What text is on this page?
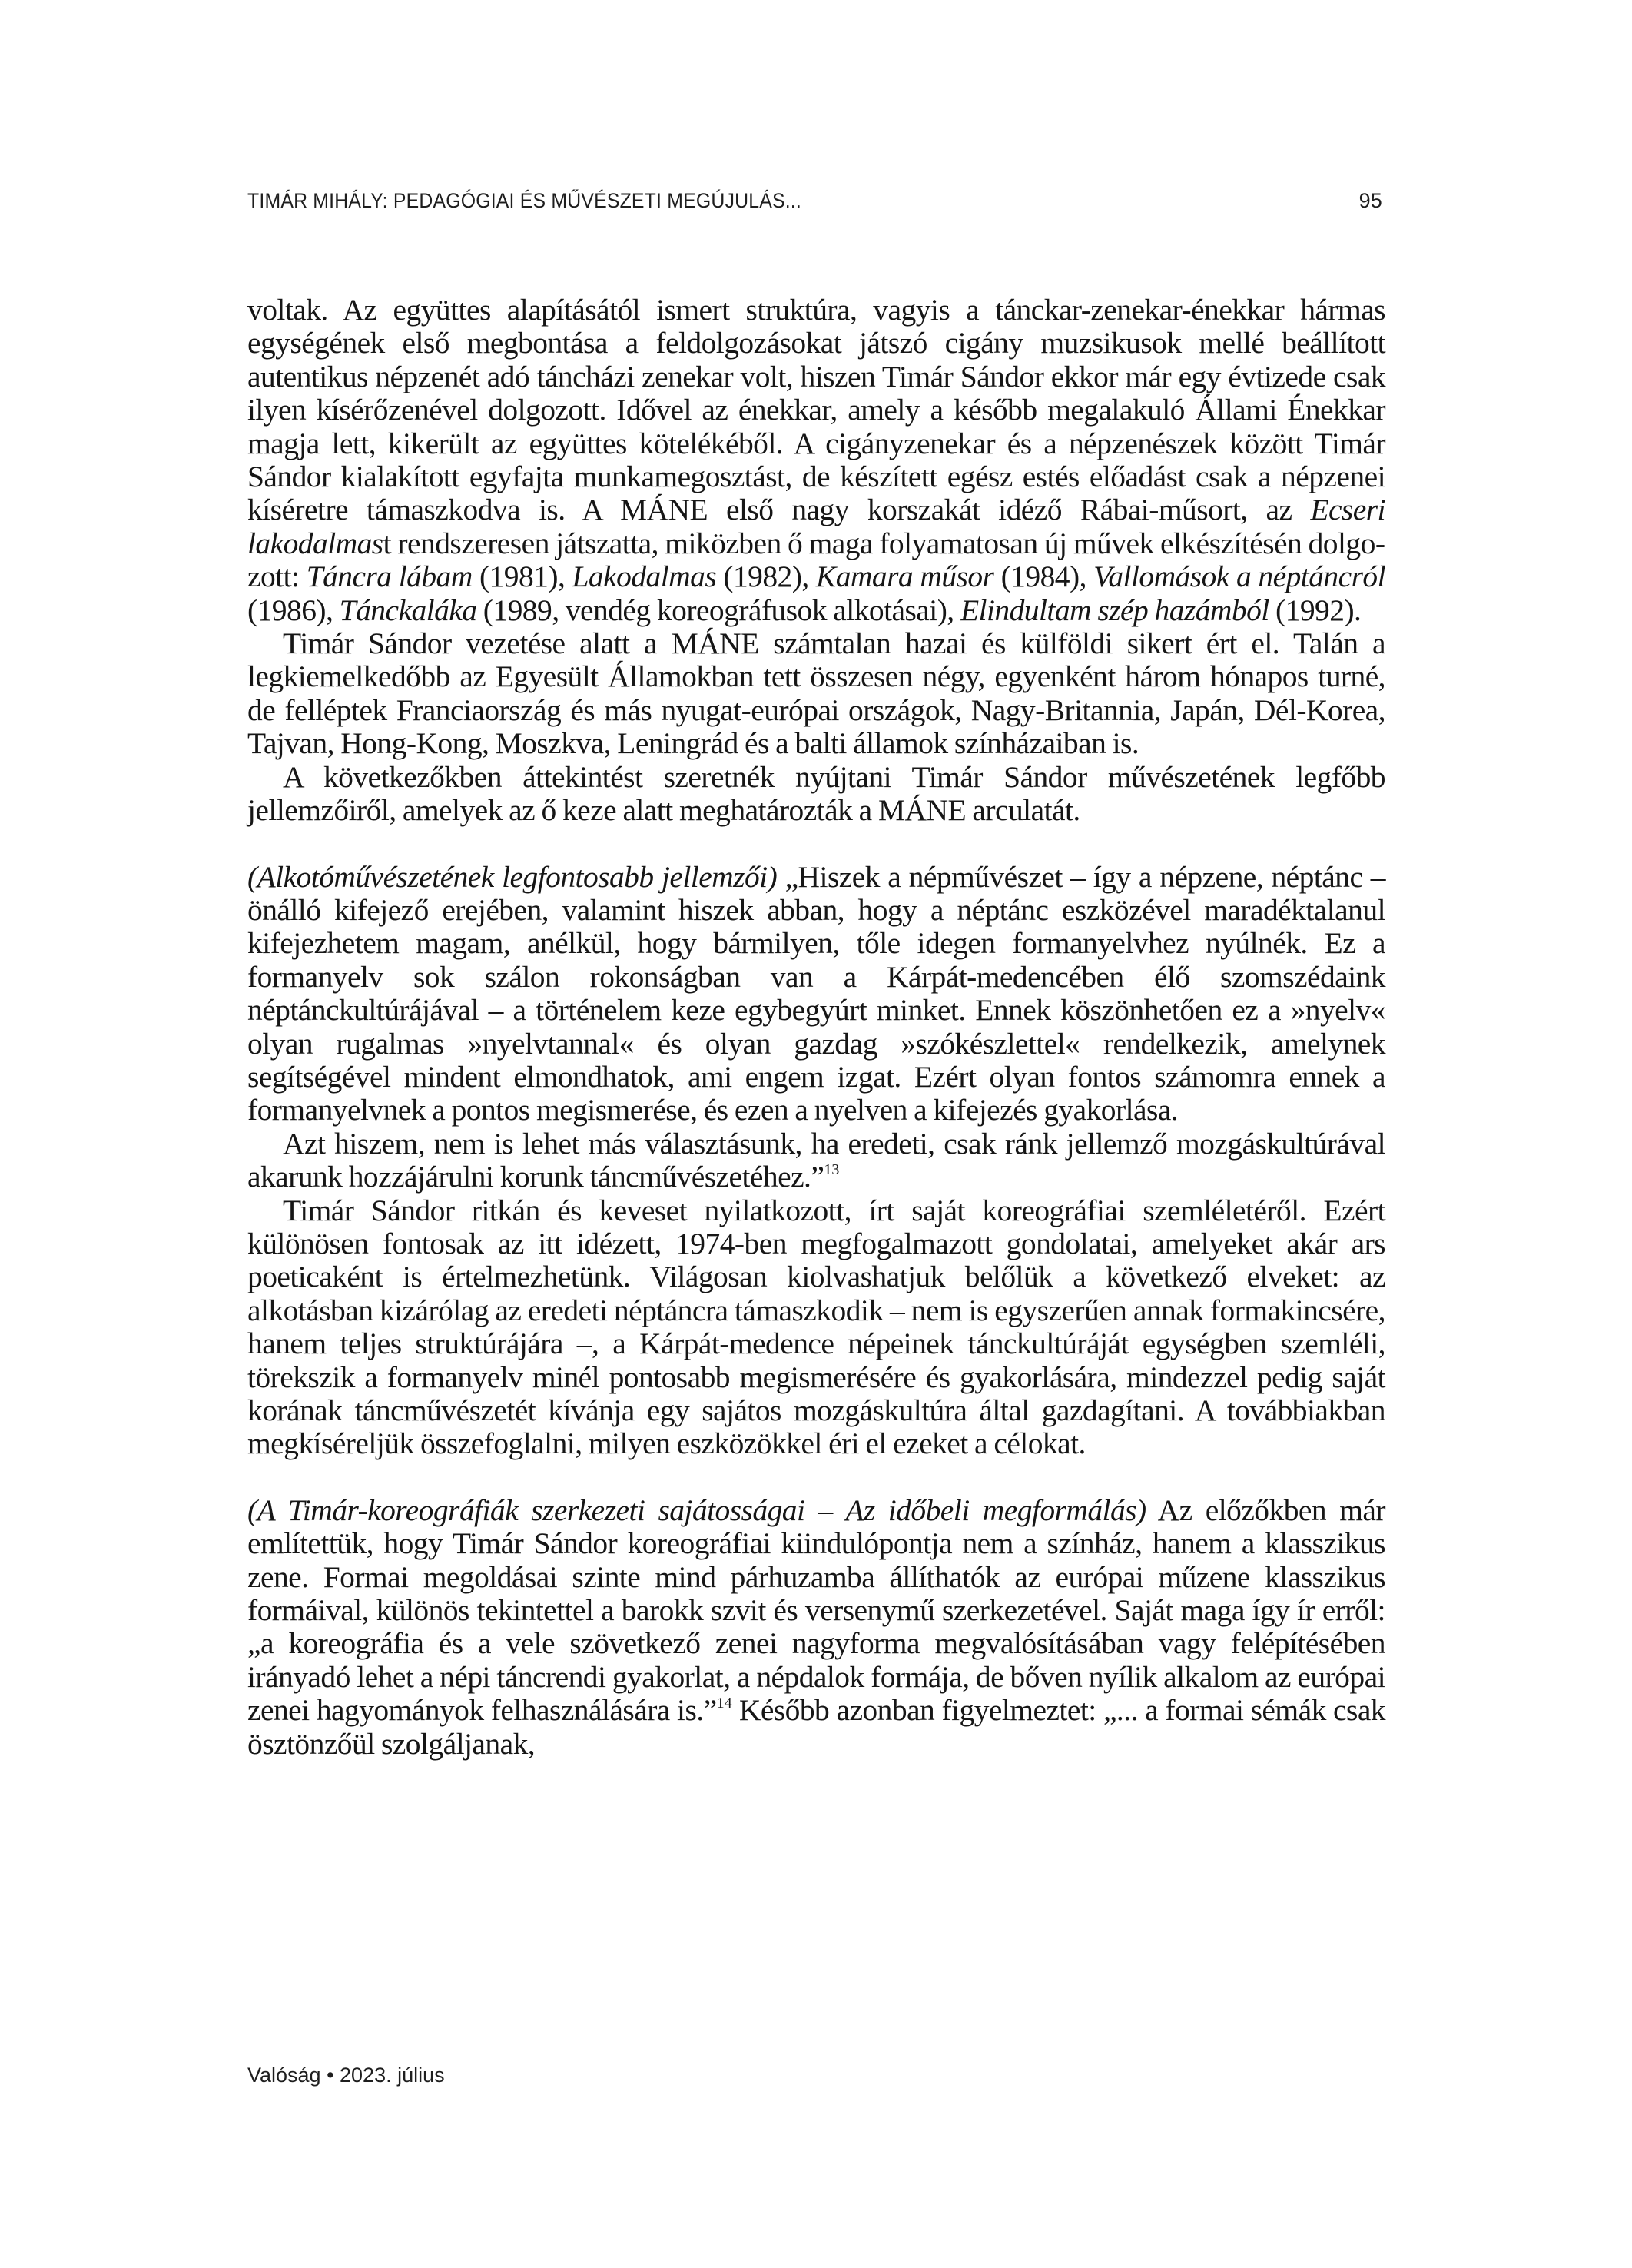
TIMÁR MIHÁLY: PEDAGÓGIAI ÉS MŰVÉSZETI MEGÚJULÁS...	95

voltak. Az együttes alapításától ismert struktúra, vagyis a tánckar-zenekar-énekkar hármas egységének első megbontása a feldolgozásokat játszó cigány muzsikusok mellé beállított autentikus népzenét adó táncházi zenekar volt, hiszen Timár Sándor ekkor már egy évtizede csak ilyen kísérőzenével dolgozott. Idővel az énekkar, amely a később megalakuló Állami Énekkar magja lett, kikerült az együttes kötelékéből. A cigányzenekar és a népzenészek között Timár Sándor kialakított egyfajta munkamegosztást, de készített egész estés előadást csak a népzenei kíséretre támaszkodva is. A MÁNE első nagy korszakát idéző Rábai-műsort, az Ecseri lakodalmast rendszeresen játszatta, miközben ő maga folyamatosan új művek elkészítésén dolgozott: Táncra lábam (1981), Lakodalmas (1982), Kamara műsor (1984), Vallomások a néptáncról (1986), Tánckaláka (1989, vendég koreográfusok alkotásai), Elindultam szép hazámból (1992).

Timár Sándor vezetése alatt a MÁNE számtalan hazai és külföldi sikert ért el. Talán a legkiemelkedőbb az Egyesült Államokban tett összesen négy, egyenként három hónapos turné, de felléptek Franciaország és más nyugat-európai országok, Nagy-Britannia, Japán, Dél-Korea, Tajvan, Hong-Kong, Moszkva, Leningrád és a balti államok színházaiban is.

A következőkben áttekintést szeretnék nyújtani Timár Sándor művészetének legfőbb jellemzőiről, amelyek az ő keze alatt meghatározták a MÁNE arculatát.

(Alkotóművészetének legfontosabb jellemzői) „Hiszek a népművészet – így a népzene, néptánc – önálló kifejező erejében, valamint hiszek abban, hogy a néptánc eszközével maradéktalanul kifejezhetem magam, anélkül, hogy bármilyen, tőle idegen formanyelvhez nyúlnék. Ez a formanyelv sok szálon rokonságban van a Kárpát-medencében élő szomszédaink néptánckultúrájával – a történelem keze egybegyúrt minket. Ennek köszönhetően ez a »nyelv« olyan rugalmas »nyelvtannal« és olyan gazdag »szókészlettel« rendelkezik, amelynek segítségével mindent elmondhatok, ami engem izgat. Ezért olyan fontos számomra ennek a formanyelvnek a pontos megismerése, és ezen a nyelven a kifejezés gyakorlása.

Azt hiszem, nem is lehet más választásunk, ha eredeti, csak ránk jellemző mozgáskultúrával akarunk hozzájárulni korunk táncművészetéhez.”$^{13}$

Timár Sándor ritkán és keveset nyilatkozott, írt saját koreográfiai szemléletéről. Ezért különösen fontosak az itt idézett, 1974-ben megfogalmazott gondolatai, amelyeket akár ars poeticaként is értelmezhetünk. Világosan kiolvashatjuk belőlük a következő elveket: az alkotásban kizárólag az eredeti néptáncra támaszkodik – nem is egyszerűen annak formakincsére, hanem teljes struktúrájára –, a Kárpát-medence népeinek tánckultúráját egységben szemléli, törekszik a formanyelv minél pontosabb megismerésére és gyakorlására, mindezzel pedig saját korának táncművészetét kívánja egy sajátos mozgáskultúra által gazdagítani. A továbbiakban megkíséreljük összefoglalni, milyen eszközökkel éri el ezeket a célokat.

(A Timár-koreográfiák szerkezeti sajátosságai – Az időbeli megformálás) Az előzőkben már említettük, hogy Timár Sándor koreográfiai kiindulópontja nem a színház, hanem a klasszikus zene. Formai megoldásai szinte mind párhuzamba állíthatók az európai műzene klasszikus formáival, különös tekintettel a barokk szvit és versenymű szerkezetével. Saját maga így ír erről: „a koreográfia és a vele szövetkező zenei nagyforma megvalósításában vagy felépítésében irányadó lehet a népi táncrendi gyakorlat, a népdalok formája, de bőven nyílik alkalom az európai zenei hagyományok felhasználására is.”$^{14}$ Később azonban figyelmeztet: „... a formai sémák csak ösztönzőül szolgáljanak,

Valóság • 2023. július
